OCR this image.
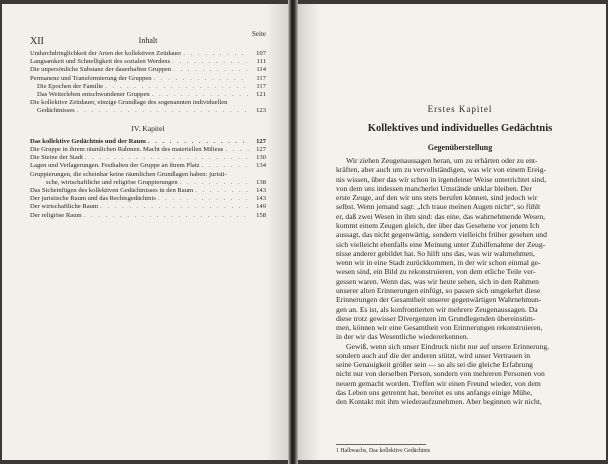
XII	Inhalt
Seite
Undurchdringlichkeit der Arten der kollektiven Zeitdauer . . .	107
Langsamkeit und Schnelligkeit des sozialen Werdens . . .	111
Die unpersönliche Substanz der dauerhaften Gruppen . . .	114
Permanenz und Transformierung der Gruppen . . .	117
Die Epochen der Familie . . .	117
Das Weiterleben entschwundener Gruppen . . .	121
Die kollektive Zeitdauer, einzige Grundlage des sogenannten individuellen
Gedächtnisses . . .	123
IV. Kapitel
Das kollektive Gedächtnis und der Raum . . .	127
Die Gruppe in ihrem räumlichen Rahmen. Macht des materiellen Milieus . . .	127
Die Steine der Stadt . . .	130
Lagen und Verlagerungen. Festhalten der Gruppe an ihrem Platz . . .	134
Gruppierungen, die scheinbar keine räumlichen Grundlagen haben: juristi-
sche, wirtschaftliche und religiöse Gruppierungen . . .	138
Das Sicheinfügen des kollektiven Gedächtnisses in den Raum . . .	143
Der juristische Raum und das Rechtsgedächtnis . . .	143
Der wirtschaftliche Raum . . .	149
Der religiöse Raum . . .	158
Erstes Kapitel
Kollektives und individuelles Gedächtnis
Gegenüberstellung
Wir ziehen Zeugenaussagen heran, um zu erhärten oder zu ent-
kräften, aber auch um zu vervollständigen, was wir von einem Ereig-
nis wissen, über das wir schon in irgendeiner Weise unterrichtet sind,
von dem uns indessen mancherlei Umstände unklar bleiben. Der
erste Zeuge, auf den wir uns stets berufen können, sind jedoch wir
selbst. Wenn jemand sagt: „Ich traue meinen Augen nicht“, so fühlt
er, daß zwei Wesen in ihm sind: das eine, das wahrnehmende Wesen,
kommt einem Zeugen gleich, der über das Gesehene vor jenem Ich
aussagt, das nicht gegenwärtig, sondern vielleicht früher gesehen und
sich vielleicht ebenfalls eine Meinung unter Zuhilfenahme der Zeug-
nisse anderer gebildet hat. So hilft uns das, was wir wahrnehmen,
wenn wir in eine Stadt zurückkommen, in der wir schon einmal ge-
wesen sind, ein Bild zu rekonstruieren, von dem etliche Teile ver-
gessen waren. Wenn das, was wir heute sehen, sich in den Rahmen
unserer alten Erinnerungen einfügt, so passen sich umgekehrt diese
Erinnerungen der Gesamtheit unserer gegenwärtigen Wahrnehmun-
gen an. Es ist, als konfrontierten wir mehrere Zeugenaussagen. Da
diese trotz gewisser Divergenzen im Grundlegenden übereinstim-
men, können wir eine Gesamtheit von Erinnerungen rekonstruieren,
in der wir das Wesentliche wiedererkennen.
Gewiß, wenn sich unser Eindruck nicht nur auf unsere Erinnerung,
sondern auch auf die der anderen stützt, wird unser Vertrauen in
seine Genauigkeit größer sein — so als sei die gleiche Erfahrung
nicht nur von derselben Person, sondern von mehreren Personen von
neuem gemacht worden. Treffen wir einen Freund wieder, von dem
das Leben uns getrennt hat, bereitet es uns anfangs einige Mühe,
den Kontakt mit ihm wiederaufzunehmen. Aber beginnen wir nicht,
1 Halbwachs, Das kollektive Gedächtnis
